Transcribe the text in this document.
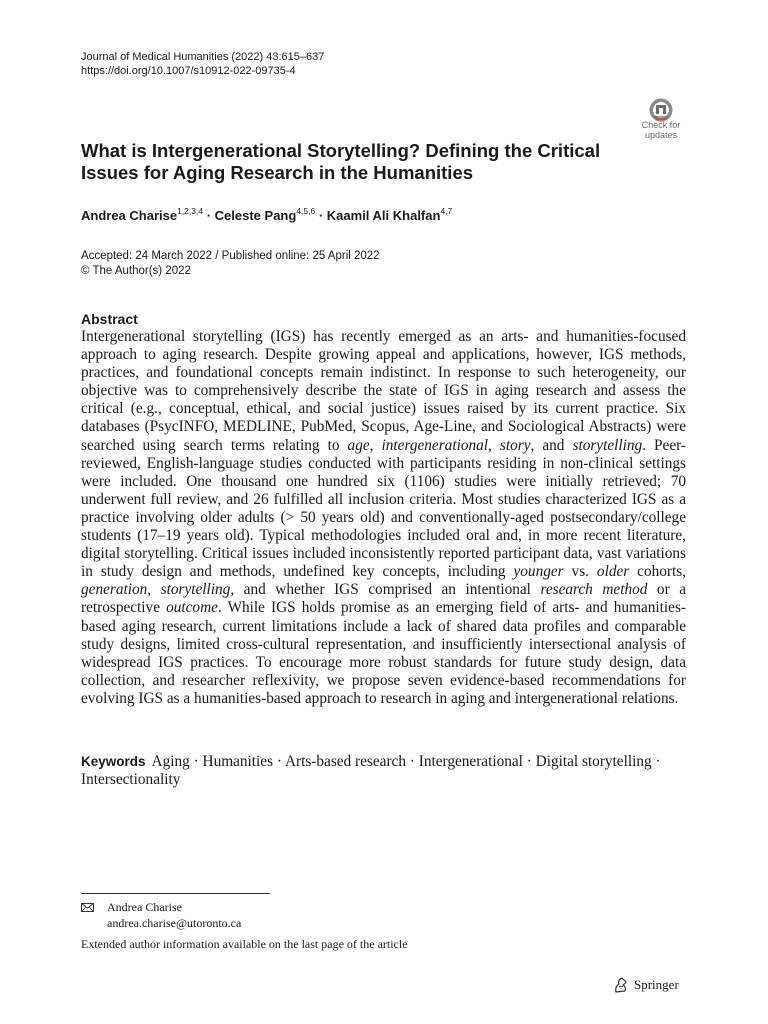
Journal of Medical Humanities (2022) 43:615–637
https://doi.org/10.1007/s10912-022-09735-4
Check for
updates
What is Intergenerational Storytelling? Defining the Critical Issues for Aging Research in the Humanities
Andrea Charise$^{1,2,3,4}$ · Celeste Pang$^{4,5,6}$ · Kaamil Ali Khalfan$^{4,7}$
Accepted: 24 March 2022 / Published online: 25 April 2022
© The Author(s) 2022
Abstract

Intergenerational storytelling (IGS) has recently emerged as an arts- and humanities-focused approach to aging research. Despite growing appeal and applications, however, IGS methods, practices, and foundational concepts remain indistinct. In response to such heterogeneity, our objective was to comprehensively describe the state of IGS in aging research and assess the critical (e.g., conceptual, ethical, and social justice) issues raised by its current practice. Six databases (PsycINFO, MEDLINE, PubMed, Scopus, Age-Line, and Sociological Abstracts) were searched using search terms relating to age, intergenerational, story, and storytelling. Peer-reviewed, English-language studies conducted with participants residing in non-clinical settings were included. One thousand one hundred six (1106) studies were initially retrieved; 70 underwent full review, and 26 fulfilled all inclusion criteria. Most studies characterized IGS as a practice involving older adults (> 50 years old) and conventionally-aged postsecondary/college students (17–19 years old). Typical methodologies included oral and, in more recent literature, digital storytelling. Critical issues included inconsistently reported participant data, vast variations in study design and methods, undefined key concepts, including younger vs. older cohorts, generation, storytelling, and whether IGS comprised an intentional research method or a retrospective outcome. While IGS holds promise as an emerging field of arts- and humanities-based aging research, current limitations include a lack of shared data profiles and comparable study designs, limited cross-cultural representation, and insufficiently intersectional analysis of widespread IGS practices. To encourage more robust standards for future study design, data collection, and researcher reflexivity, we propose seven evidence-based recommendations for evolving IGS as a humanities-based approach to research in aging and intergenerational relations.

Keywords Aging · Humanities · Arts-based research · Intergenerational · Digital storytelling · Intersectionality
Andrea Charise
andrea.charise@utoronto.ca
Extended author information available on the last page of the article
Springer
